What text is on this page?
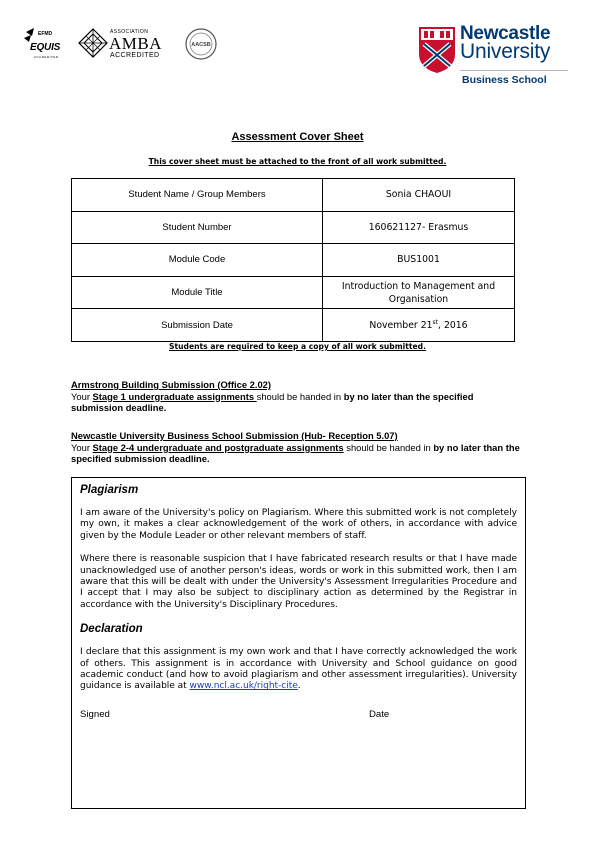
EFMD
EQUIS
ACCREDITED
ASSOCIATION
AMBA
ACCREDITED
AACSB
Newcastle
University
Business School
Assessment Cover Sheet
This cover sheet must be attached to the front of all work submitted.
Student Name / Group Members	Sonia CHAOUI
Student Number	160621127- Erasmus
Module Code	BUS1001
Module Title	Introduction to Management and Organisation
Submission Date	November 21st, 2016
Students are required to keep a copy of all work submitted.
Armstrong Building Submission (Office 2.02)
Your Stage 1 undergraduate assignments should be handed in by no later than the specified submission deadline.
Newcastle University Business School Submission (Hub- Reception 5.07)
Your Stage 2-4 undergraduate and postgraduate assignments should be handed in by no later than the specified submission deadline.
Plagiarism
I am aware of the University's policy on Plagiarism. Where this submitted work is not completely my own, it makes a clear acknowledgement of the work of others, in accordance with advice given by the Module Leader or other relevant members of staff.
Where there is reasonable suspicion that I have fabricated research results or that I have made unacknowledged use of another person's ideas, words or work in this submitted work, then I am aware that this will be dealt with under the University's Assessment Irregularities Procedure and I accept that I may also be subject to disciplinary action as determined by the Registrar in accordance with the University's Disciplinary Procedures.
Declaration
I declare that this assignment is my own work and that I have correctly acknowledged the work of others. This assignment is in accordance with University and School guidance on good academic conduct (and how to avoid plagiarism and other assessment irregularities). University guidance is available at www.ncl.ac.uk/right-cite.
Signed	Date
